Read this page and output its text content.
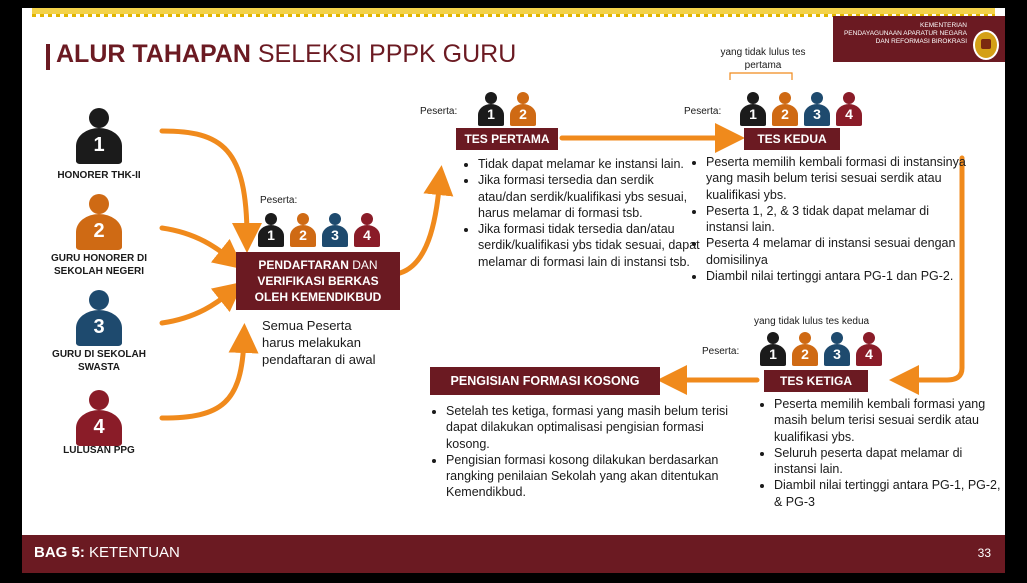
ALUR TAHAPAN SELEKSI PPPK GURU
KEMENTERIAN
PENDAYAGUNAAN APARATUR NEGARA
DAN REFORMASI BIROKRASI
1
HONORER THK-II
2
GURU HONORER DI SEKOLAH NEGERI
3
GURU DI SEKOLAH SWASTA
4
LULUSAN PPG
Peserta:
1	2	3	4
PENDAFTARAN DAN
VERIFIKASI BERKAS
OLEH KEMENDIKBUD
Semua Peserta harus melakukan pendaftaran di awal
Peserta:	1	2
TES PERTAMA
• Tidak dapat melamar ke instansi lain.
• Jika formasi tersedia dan serdik atau/dan serdik/kualifikasi ybs sesuai, harus melamar di formasi tsb.
• Jika formasi tidak tersedia dan/atau serdik/kualifikasi ybs tidak sesuai, dapat melamar di formasi lain di instansi tsb.
yang tidak lulus tes pertama
Peserta:	1	2	3	4
TES KEDUA
• Peserta memilih kembali formasi di instansinya yang masih belum terisi sesuai serdik atau kualifikasi ybs.
• Peserta 1, 2, & 3 tidak dapat melamar di instansi lain.
• Peserta 4 melamar di instansi sesuai dengan domisilinya
• Diambil nilai tertinggi antara PG-1 dan PG-2.
yang tidak lulus tes kedua
Peserta:	1	2	3	4
TES KETIGA
• Peserta memilih kembali formasi yang masih belum terisi sesuai serdik atau kualifikasi ybs.
• Seluruh peserta dapat melamar di instansi lain.
• Diambil nilai tertinggi antara PG-1, PG-2, & PG-3
PENGISIAN FORMASI KOSONG
• Setelah tes ketiga, formasi yang masih belum terisi dapat dilakukan optimalisasi pengisian formasi kosong.
• Pengisian formasi kosong dilakukan berdasarkan rangking penilaian Sekolah yang akan ditentukan Kemendikbud.
BAG 5: KETENTUAN	33
